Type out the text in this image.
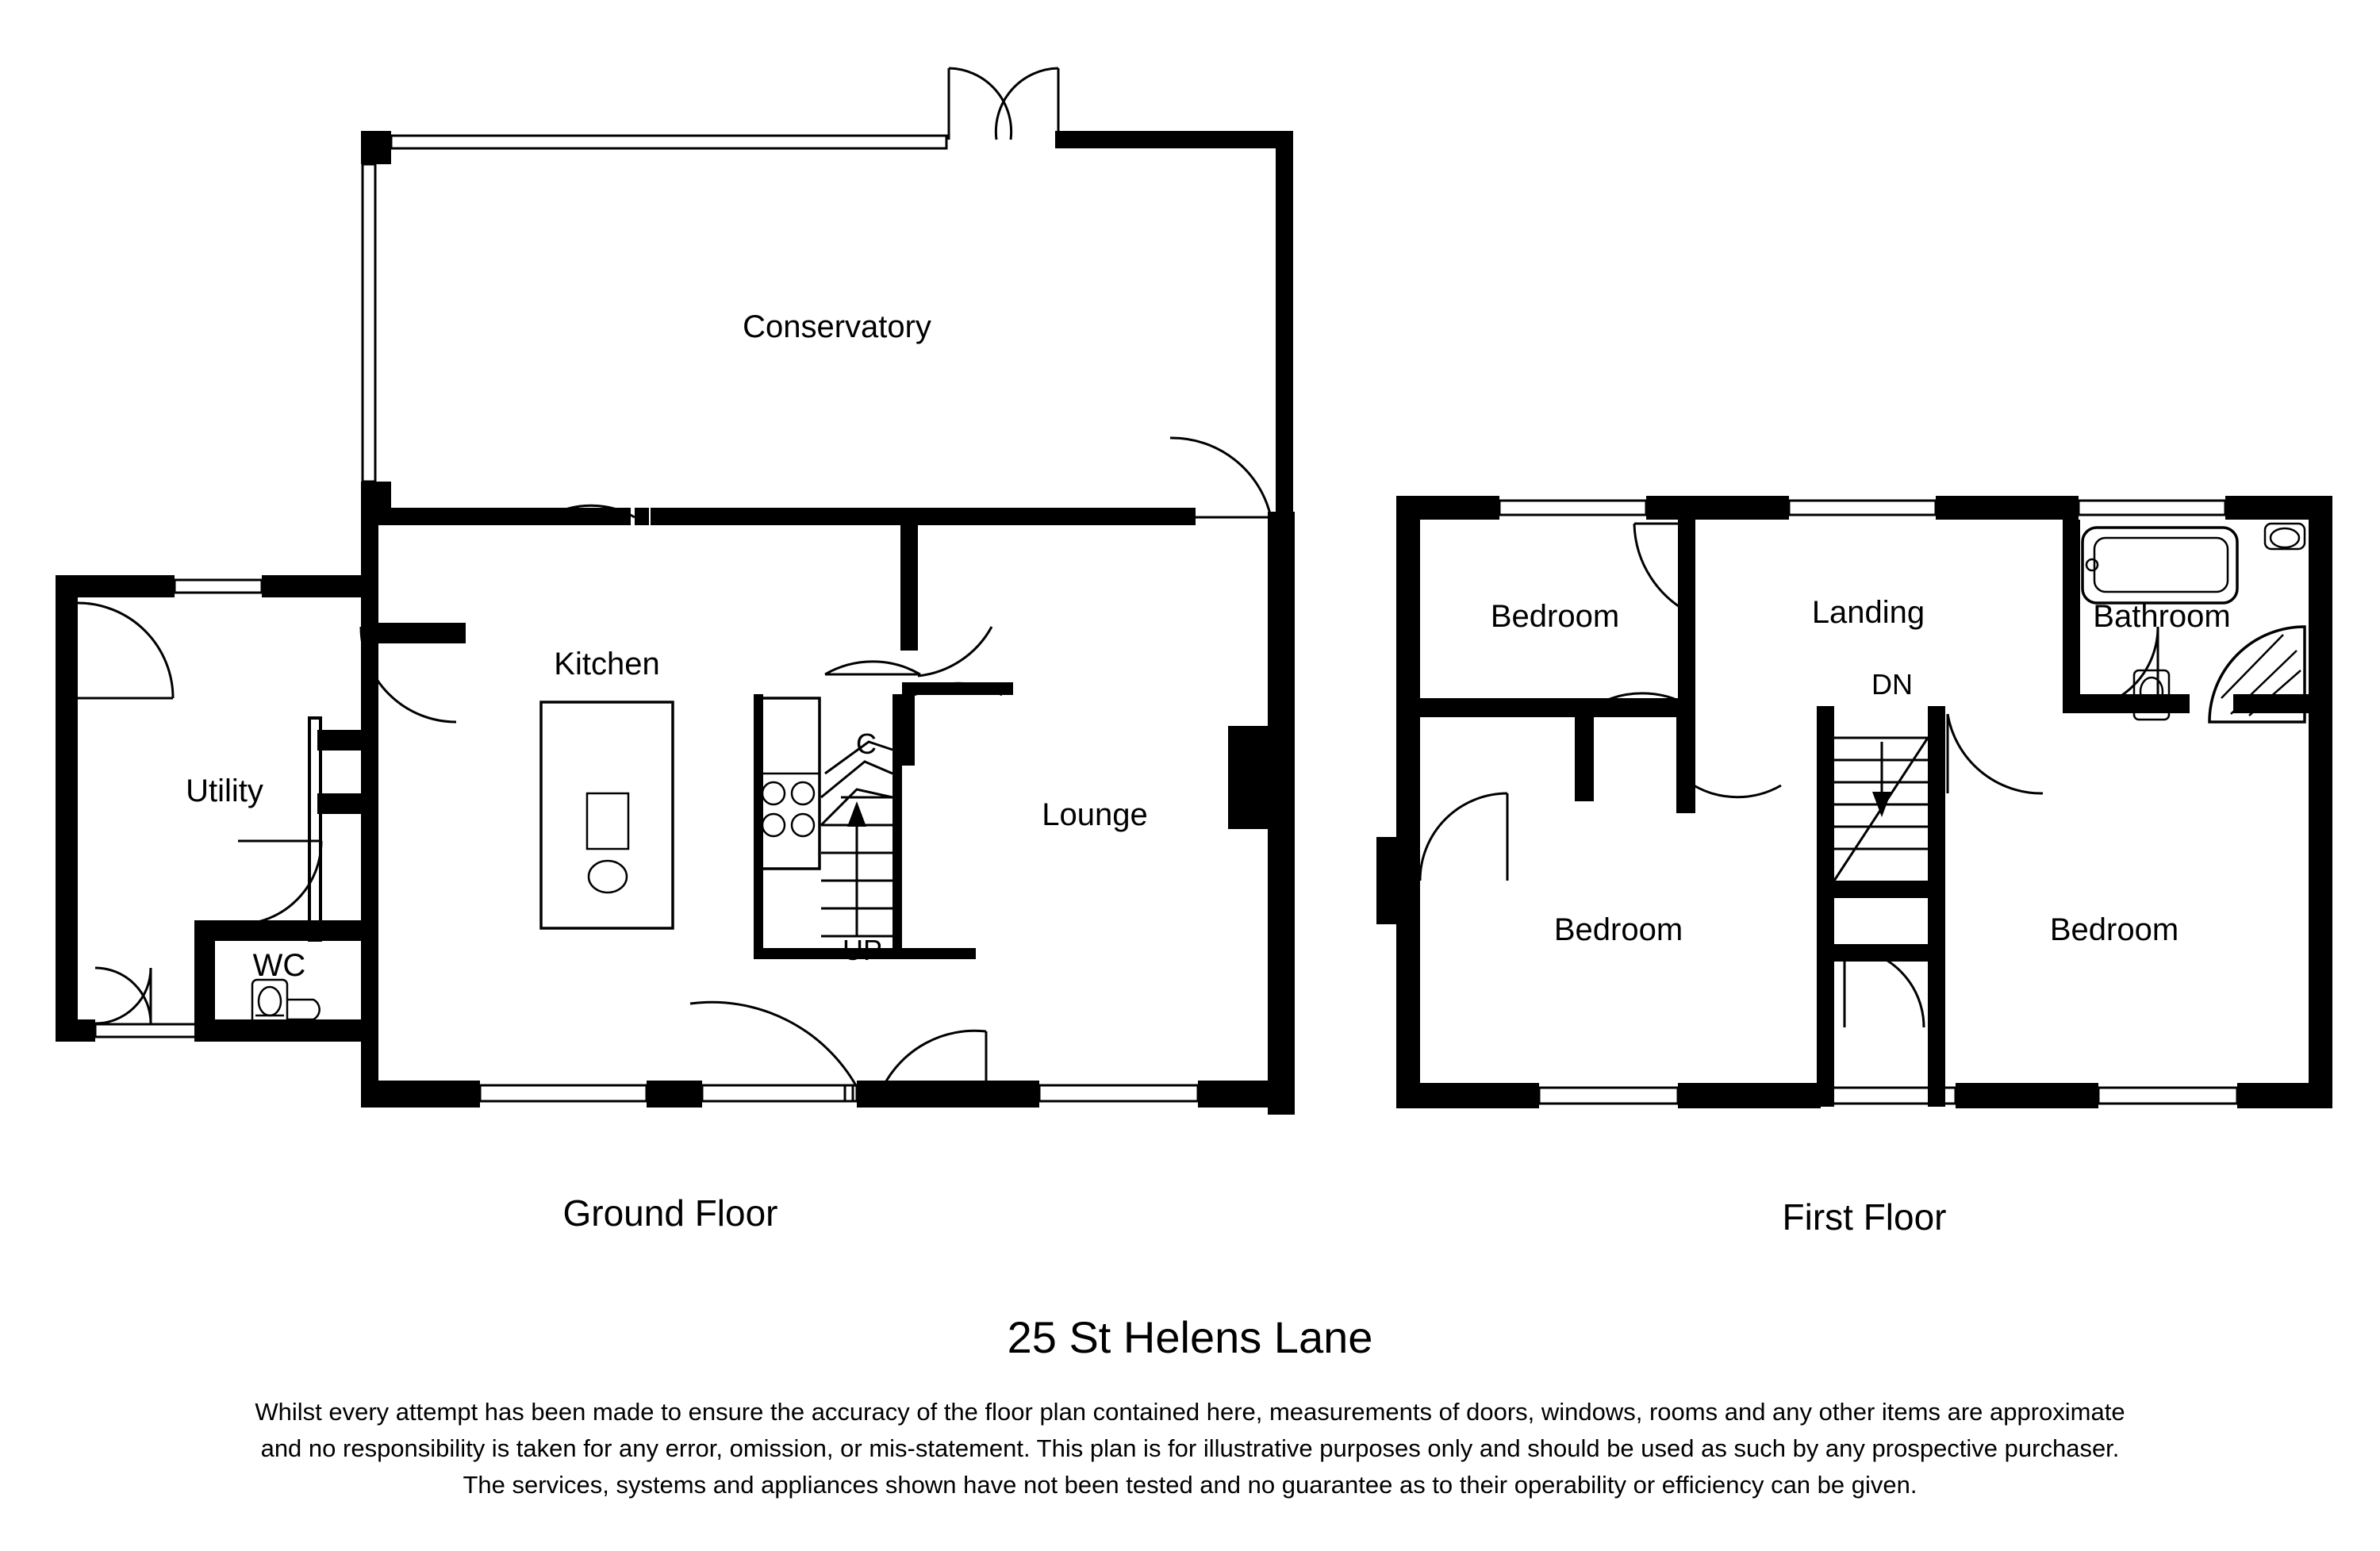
Conservatory
Kitchen
Lounge
Utility
WC
C
UP
Ground Floor
Bedroom
Bedroom	Bedroom
Landing	Bathroom
DN
First Floor
25 St Helens Lane
Whilst every attempt has been made to ensure the accuracy of the floor plan contained here, measurements of doors, windows, rooms and any other items are approximate
and no responsibility is taken for any error, omission, or mis-statement. This plan is for illustrative purposes only and should be used as such by any prospective purchaser.
The services, systems and appliances shown have not been tested and no guarantee as to their operability or efficiency can be given.
